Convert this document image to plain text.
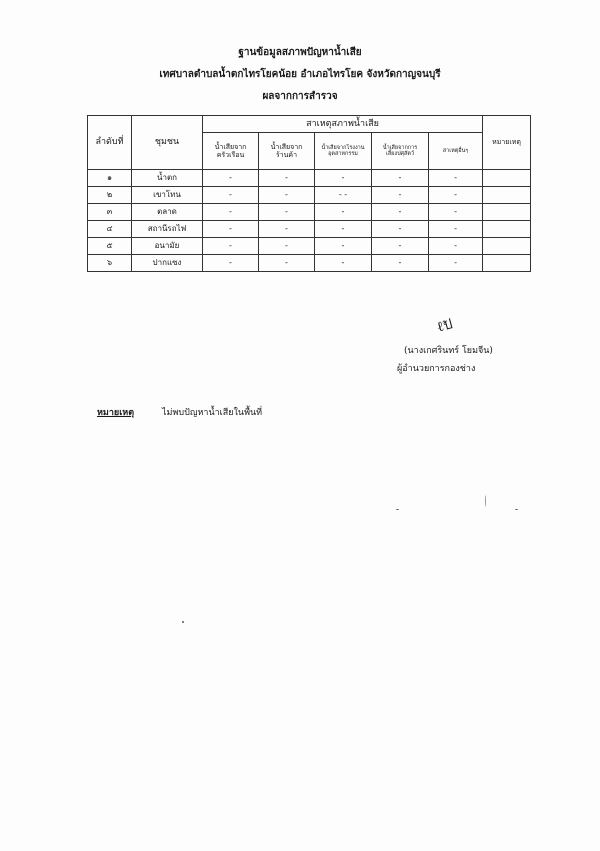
ฐานข้อมูลสภาพปัญหาน้ำเสีย
เทศบาลตำบลน้ำตกไทรโยคน้อย อำเภอไทรโยค จังหวัดกาญจนบุรี
ผลจากการสำรวจ
ลำดับที่	ชุมชน	สาเหตุสภาพน้ำเสีย					หมายเหตุ
		น้ำเสียจาก
ครัวเรือน	น้ำเสียจาก
ร้านค้า	น้ำเสียจากโรงงาน
อุตสาหกรรม	น้ำเสียจากการ
เลี้ยงปศุสัตว์	สาเหตุอื่นๆ	
๑	น้ำตก	-	-	-	-	-	
๒	เขาโทน	-	-	- -	-	-	
๓	ตลาด	-	-	-	-	-	
๔	สถานีรถไฟ	-	-	-	-	-	
๕	อนามัย	-	-	-	-	-	
๖	ปากแซง	-	-	-	-	-	
ℓ̃ป
(นางเกศรินทร์ โยมจีน)
ผู้อำนวยการกองช่าง
หมายเหตุ	ไม่พบปัญหาน้ำเสียในพื้นที่
